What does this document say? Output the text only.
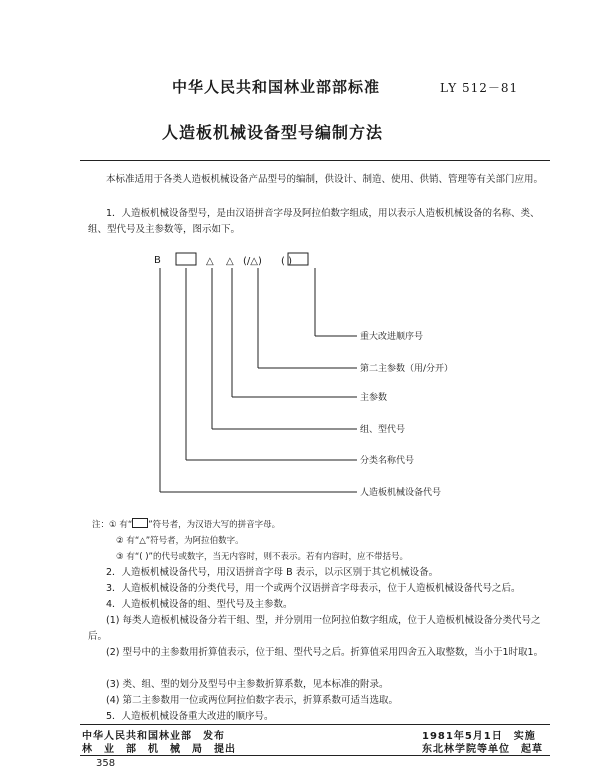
中华人民共和国林业部部标准	LY 512－81
人造板机械设备型号编制方法
本标准适用于各类人造板机械设备产品型号的编制，供设计、制造、使用、供销、管理等有关部门应用。
1．人造板机械设备型号，是由汉语拼音字母及阿拉伯数字组成，用以表示人造板机械设备的名称、类、组、型代号及主参数等，图示如下。
B	△ △ (/△) ( )
重大改进顺序号
第二主参数（用/分开）
主参数
组、型代号
分类名称代号
人造板机械设备代号
注：① 有“ ”符号者，为汉语大写的拼音字母。
② 有“△”符号者，为阿拉伯数字。
③ 有“( )”的代号或数字，当无内容时，则不表示。若有内容时，应不带括号。
2．人造板机械设备代号，用汉语拼音字母 B 表示，以示区别于其它机械设备。
3．人造板机械设备的分类代号，用一个或两个汉语拼音字母表示，位于人造板机械设备代号之后。
4．人造板机械设备的组、型代号及主参数。
(1) 每类人造板机械设备分若干组、型，并分别用一位阿拉伯数字组成，位于人造板机械设备分类代号之后。
(2) 型号中的主参数用折算值表示，位于组、型代号之后。折算值采用四舍五入取整数，当小于1时取1。
(3) 类、组、型的划分及型号中主参数折算系数，见本标准的附录。
(4) 第二主参数用一位或两位阿拉伯数字表示，折算系数可适当选取。
5．人造板机械设备重大改进的顺序号。
中华人民共和国林业部　发布
林　业　部　机　械　局　提出
1981年5月1日　实施
东北林学院等单位　起草
358
